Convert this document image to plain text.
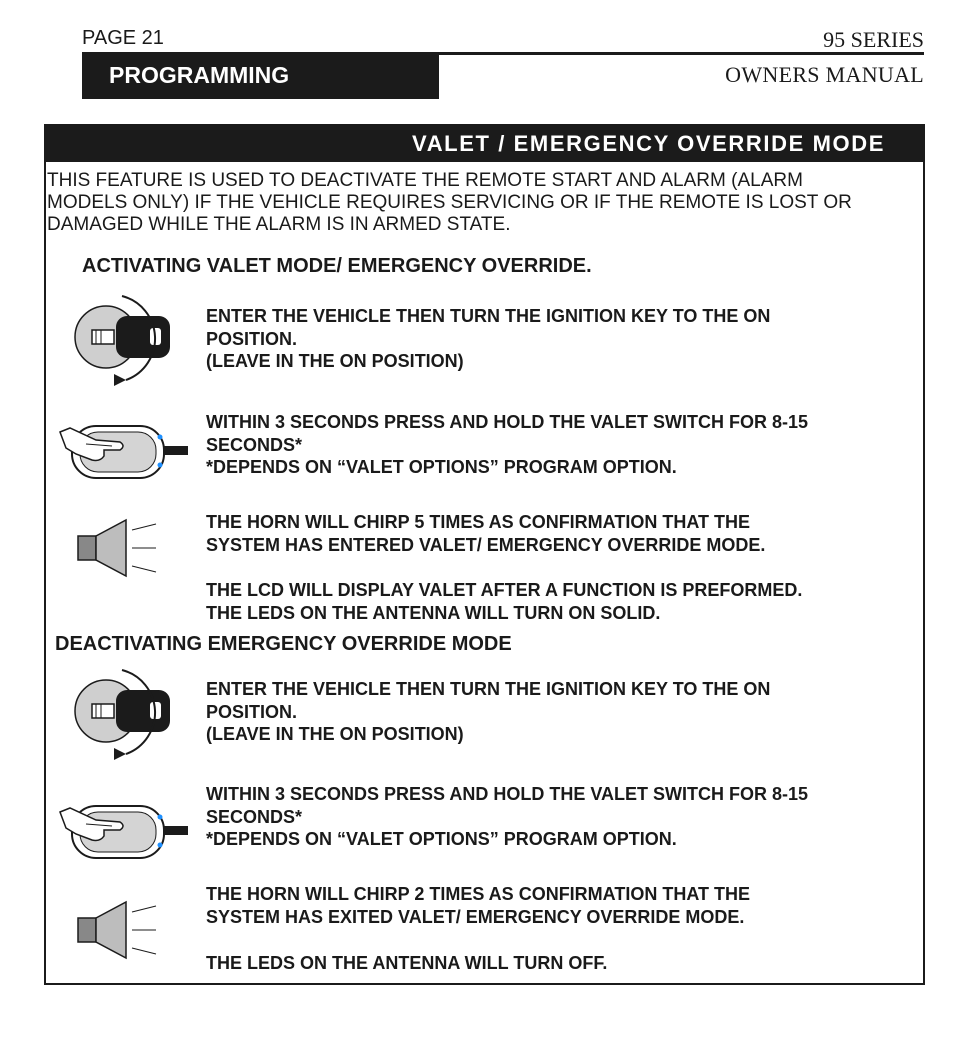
PAGE 21	95 SERIES
OWNERS MANUAL
PROGRAMMING
VALET / EMERGENCY OVERRIDE MODE
THIS FEATURE IS USED TO DEACTIVATE THE REMOTE START AND ALARM (ALARM
MODELS ONLY) IF THE VEHICLE REQUIRES SERVICING OR IF THE REMOTE IS LOST OR
DAMAGED WHILE THE ALARM IS IN ARMED STATE.
ACTIVATING VALET MODE/ EMERGENCY OVERRIDE.
ENTER THE VEHICLE THEN TURN THE IGNITION KEY TO THE ON
POSITION.
(LEAVE IN THE ON POSITION)
WITHIN 3 SECONDS PRESS AND HOLD THE VALET SWITCH FOR 8-15
SECONDS*
*DEPENDS ON “VALET OPTIONS” PROGRAM OPTION.
THE HORN WILL CHIRP 5 TIMES AS CONFIRMATION THAT THE
SYSTEM HAS ENTERED VALET/ EMERGENCY OVERRIDE MODE.
THE LCD WILL DISPLAY VALET AFTER A FUNCTION IS PREFORMED.
THE LEDS ON THE ANTENNA WILL TURN ON SOLID.
DEACTIVATING EMERGENCY OVERRIDE MODE
ENTER THE VEHICLE THEN TURN THE IGNITION KEY TO THE ON
POSITION.
(LEAVE IN THE ON POSITION)
WITHIN 3 SECONDS PRESS AND HOLD THE VALET SWITCH FOR 8-15
SECONDS*
*DEPENDS ON “VALET OPTIONS” PROGRAM OPTION.
THE HORN WILL CHIRP 2 TIMES AS CONFIRMATION THAT THE
SYSTEM HAS EXITED VALET/ EMERGENCY OVERRIDE MODE.
THE LEDS ON THE ANTENNA WILL TURN OFF.
